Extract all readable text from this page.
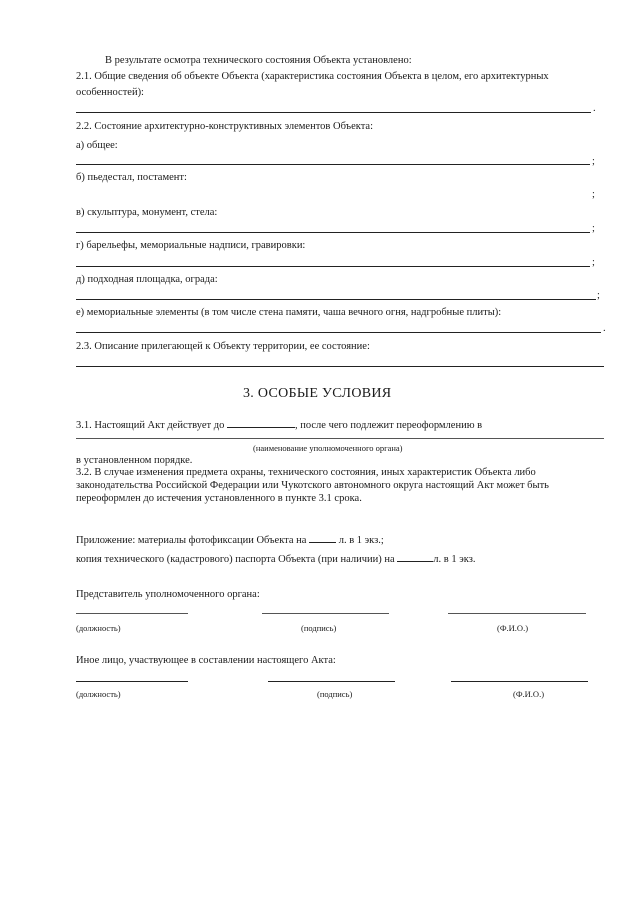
В результате осмотра технического состояния Объекта установлено:
2.1. Общие сведения об объекте Объекта (характеристика состояния Объекта в целом, его архитектурных
особенностей):
.
2.2. Состояние архитектурно-конструктивных элементов Объекта:
а) общее:
;
б) пьедестал, постамент:
;
в) скульптура, монумент, стела:
;
г) барельефы, мемориальные надписи, гравировки:
;
д) подходная площадка, ограда:
;
е) мемориальные элементы (в том числе стена памяти, чаша вечного огня, надгробные плиты):
.
2.3. Описание прилегающей к Объекту территории, ее состояние:
3. ОСОБЫЕ УСЛОВИЯ
3.1. Настоящий Акт действует до	, после чего подлежит переоформлению в
(наименование уполномоченного органа)
в установленном порядке.
3.2. В случае изменения предмета охраны, технического состояния, иных характеристик Объекта либо
законодательства Российской Федерации или Чукотского автономного округа настоящий Акт может быть
переоформлен до истечения установленного в пункте 3.1 срока.
Приложение: материалы фотофиксации Объекта на	л. в 1 экз.;
копия технического (кадастрового) паспорта Объекта (при наличии) на	л. в 1 экз.
Представитель уполномоченного органа:
(должность)	(подпись)	(Ф.И.О.)
Иное лицо, участвующее в составлении настоящего Акта:
(должность)	(подпись)	(Ф.И.О.)
